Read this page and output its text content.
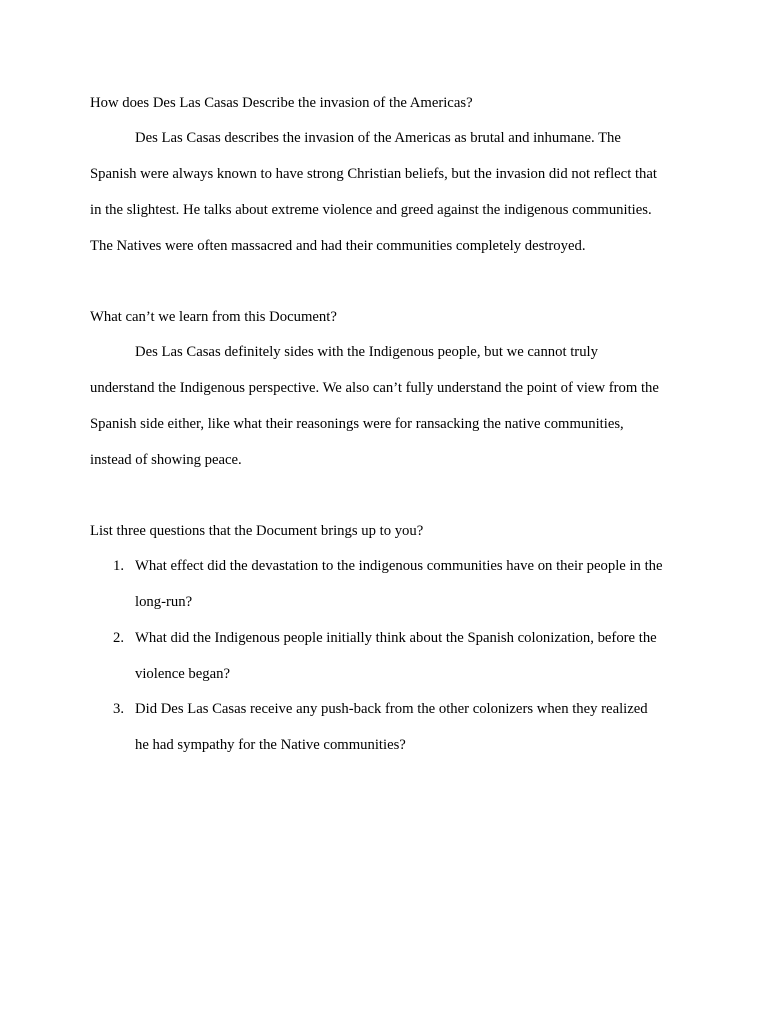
How does Des Las Casas Describe the invasion of the Americas?
Des Las Casas describes the invasion of the Americas as brutal and inhumane. The
Spanish were always known to have strong Christian beliefs, but the invasion did not reflect that
in the slightest. He talks about extreme violence and greed against the indigenous communities.
The Natives were often massacred and had their communities completely destroyed.
What can’t we learn from this Document?
Des Las Casas definitely sides with the Indigenous people, but we cannot truly
understand the Indigenous perspective. We also can’t fully understand the point of view from the
Spanish side either, like what their reasonings were for ransacking the native communities,
instead of showing peace.
List three questions that the Document brings up to you?
1. What effect did the devastation to the indigenous communities have on their people in the
long-run?
2. What did the Indigenous people initially think about the Spanish colonization, before the
violence began?
3. Did Des Las Casas receive any push-back from the other colonizers when they realized
he had sympathy for the Native communities?
